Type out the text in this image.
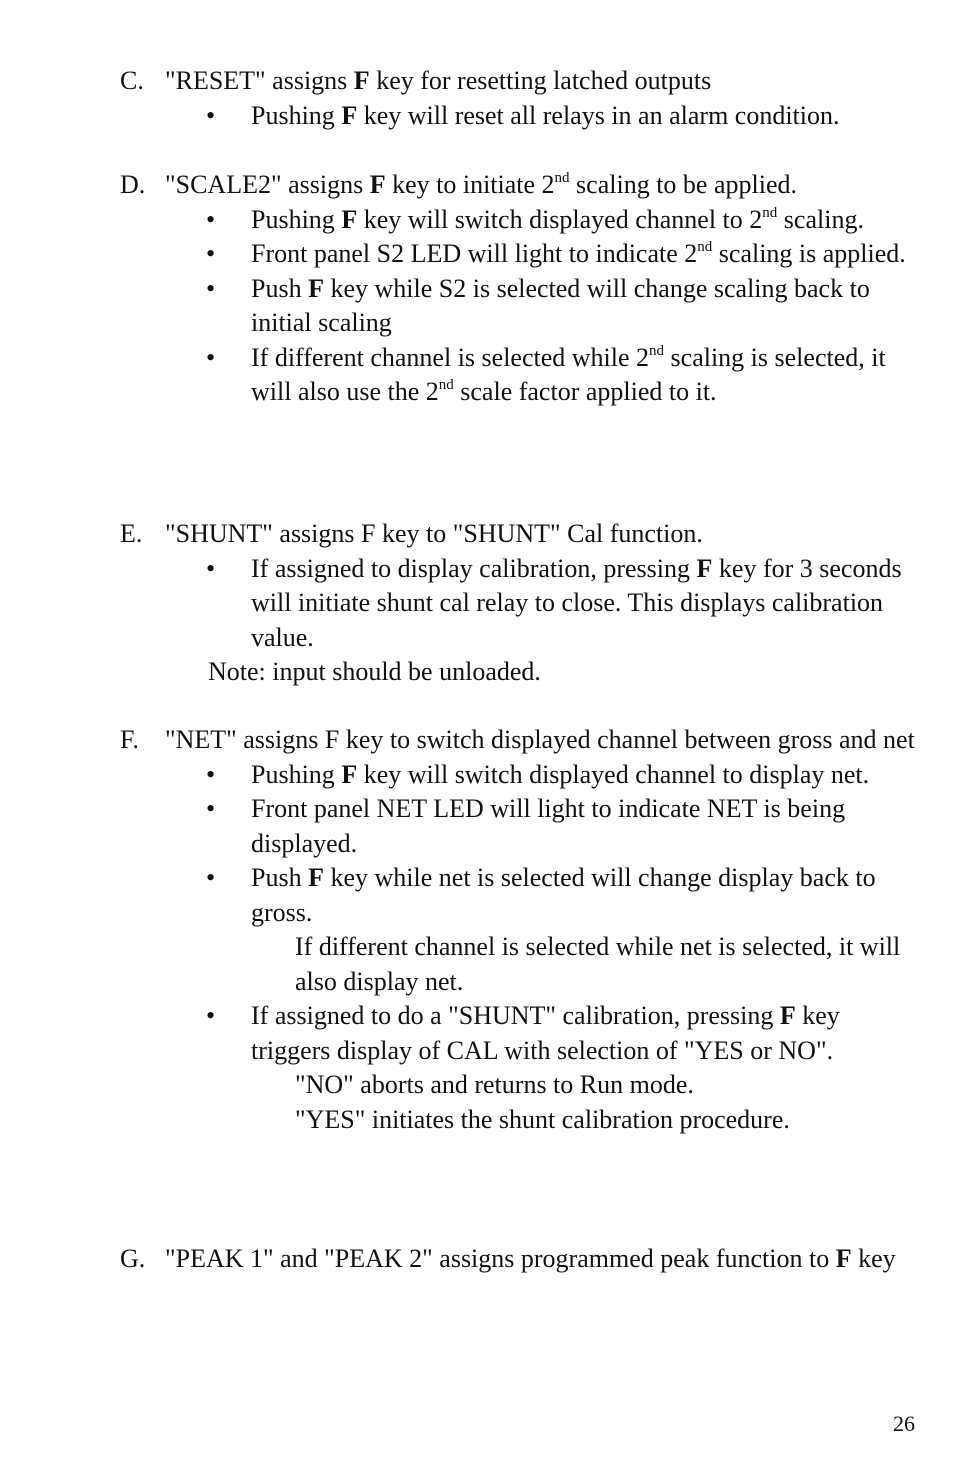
C. "RESET" assigns F key for resetting latched outputs
• Pushing F key will reset all relays in an alarm condition.
D. "SCALE2" assigns F key to initiate 2nd scaling to be applied.
• Pushing F key will switch displayed channel to 2nd scaling.
• Front panel S2 LED will light to indicate 2nd scaling is applied.
• Push F key while S2 is selected will change scaling back to initial scaling
• If different channel is selected while 2nd scaling is selected, it will also use the 2nd scale factor applied to it.
E. "SHUNT" assigns F key to "SHUNT" Cal function.
• If assigned to display calibration, pressing F key for 3 seconds will initiate shunt cal relay to close. This displays calibration value.
Note: input should be unloaded.
F. "NET" assigns F key to switch displayed channel between gross and net
• Pushing F key will switch displayed channel to display net.
• Front panel NET LED will light to indicate NET is being displayed.
• Push F key while net is selected will change display back to gross.
If different channel is selected while net is selected, it will also display net.
• If assigned to do a "SHUNT" calibration, pressing F key triggers display of CAL with selection of "YES or NO".
"NO" aborts and returns to Run mode.
"YES" initiates the shunt calibration procedure.
G. "PEAK 1" and "PEAK 2" assigns programmed peak function to F key
26
